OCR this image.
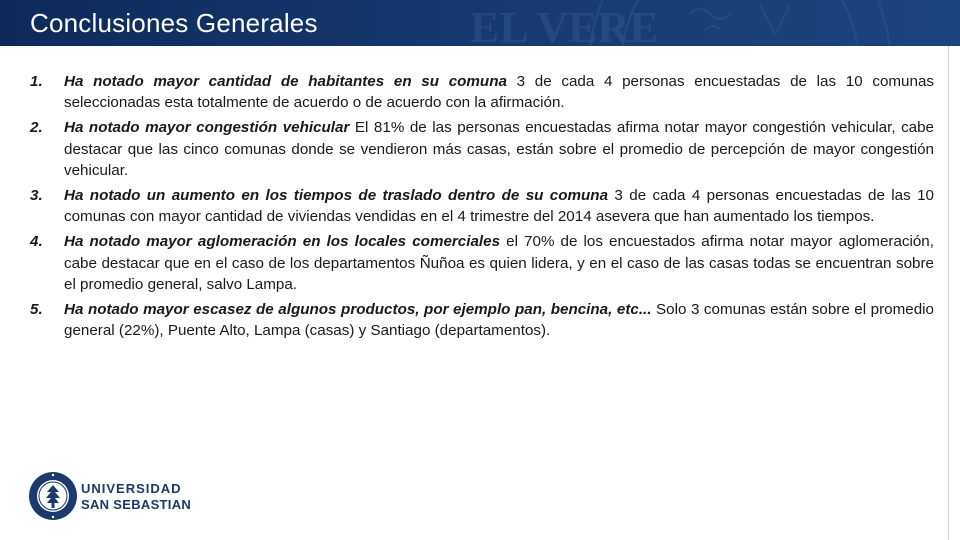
EL VERE
Conclusiones Generales
1.	Ha notado mayor cantidad de habitantes en su comuna 3 de cada 4 personas encuestadas de las 10 comunas seleccionadas esta totalmente de acuerdo o de acuerdo con la afirmación.
2.	Ha notado mayor congestión vehicular El 81% de las personas encuestadas afirma notar mayor congestión vehicular, cabe destacar que las cinco comunas donde se vendieron más casas, están sobre el promedio de percepción de mayor congestión vehicular.
3.	Ha notado un aumento en los tiempos de traslado dentro de su comuna 3 de cada 4 personas encuestadas de las 10 comunas con mayor cantidad de viviendas vendidas en el 4 trimestre del 2014 asevera que han aumentado los tiempos.
4.	Ha notado mayor aglomeración en los locales comerciales el 70% de los encuestados afirma notar mayor aglomeración, cabe destacar que en el caso de los departamentos Ñuñoa es quien lidera, y en el caso de las casas todas se encuentran sobre el promedio general, salvo Lampa.
5.	Ha notado mayor escasez de algunos productos, por ejemplo pan, bencina, etc... Solo 3 comunas están sobre el promedio general (22%), Puente Alto, Lampa (casas) y Santiago (departamentos).
UNIVERSIDAD
SAN SEBASTIAN
